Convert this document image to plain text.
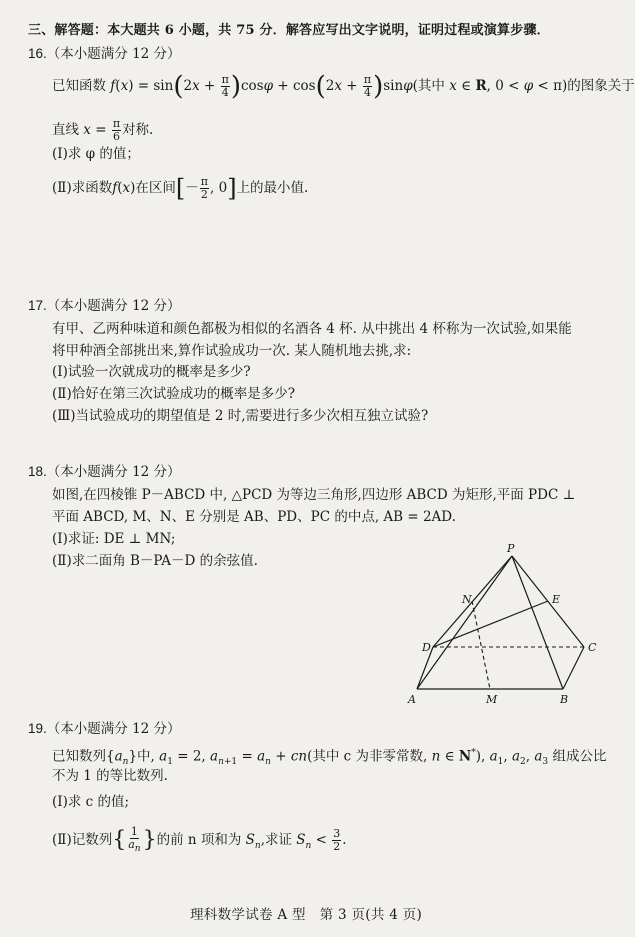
三、解答题：本大题共 6 小题，共 75 分．解答应写出文字说明，证明过程或演算步骤．
16.（本小题满分 12 分）
已知函数 $f(x) = \sin(2x + \frac{\pi}{4} )\cos\varphi + \cos(2x + \frac{\pi}{4} )\sin\varphi$(其中 x ∈ R, 0 < φ < π)的图象关于
直线 $x = \frac{\pi}{6}$ 对称.
(Ⅰ)求 φ 的值；
(Ⅱ)求函数f(x)在区间[－ $\frac{\pi}{2}$ , 0]上的最小值.
17.（本小题满分 12 分）
有甲、乙两种味道和颜色都极为相似的名酒各 4 杯. 从中挑出 4 杯称为一次试验,如果能
将甲种酒全部挑出来,算作试验成功一次. 某人随机地去挑,求:
(Ⅰ)试验一次就成功的概率是多少?
(Ⅱ)恰好在第三次试验成功的概率是多少?
(Ⅲ)当试验成功的期望值是 2 时,需要进行多少次相互独立试验?
18.（本小题满分 12 分）
如图,在四棱锥 P－ABCD 中, △PCD 为等边三角形,四边形 ABCD 为矩形,平面 PDC ⊥
平面 ABCD, M、N、E 分别是 AB、PD、PC 的中点, AB = 2AD.
(Ⅰ)求证: DE ⊥ MN;
(Ⅱ)求二面角 B－PA－D 的余弦值.
P
N	E
D	C
A	M	B
19.（本小题满分 12 分）
已知数列$\{a_n\}$中, $a_1 = 2$, $a_{n+1} = a_n + cn$(其中 c 为非零常数, n ∈ N*), $a_1$, $a_2$, $a_3$ 组成公比
不为 1 的等比数列.
(Ⅰ)求 c 的值;
(Ⅱ)记数列{ $\frac{1}{a_n}$ }的前 n 项和为 $S_n$,求证 $S_n < \frac{3}{2}$ .
理科数学试卷 A 型　第 3 页(共 4 页)
